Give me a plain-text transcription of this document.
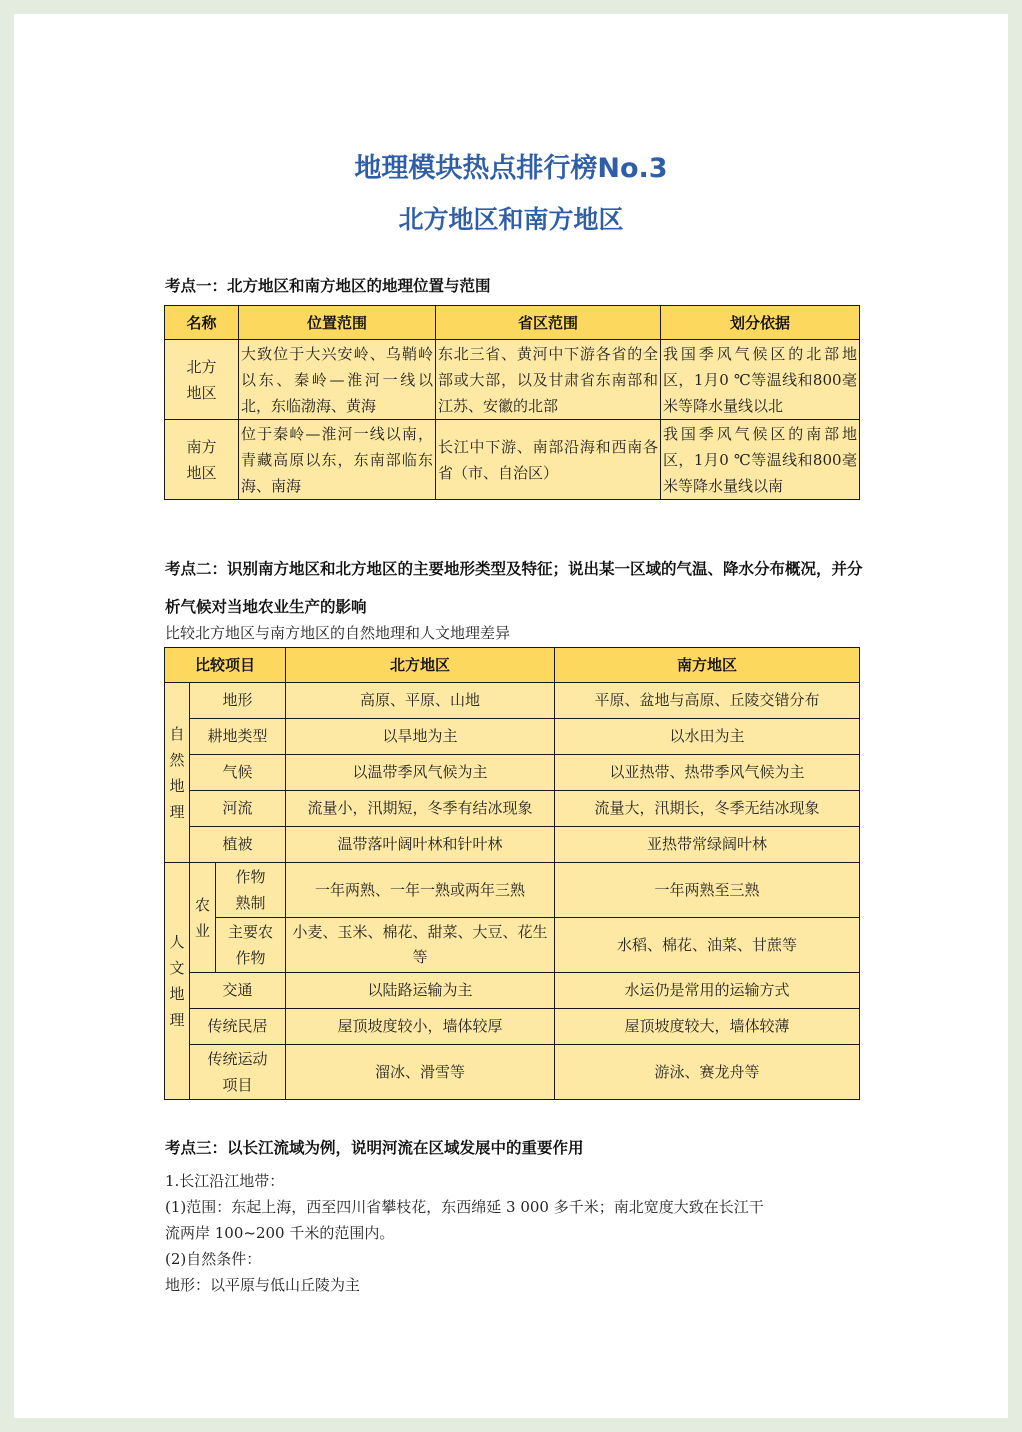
地理模块热点排行榜No.3
北方地区和南方地区
考点一：北方地区和南方地区的地理位置与范围
名称	位置范围	省区范围	划分依据

北方地区	大致位于大兴安岭、乌鞘岭以东、秦岭—淮河一线以北，东临渤海、黄海	东北三省、黄河中下游各省的全部或大部，以及甘肃省东南部和江苏、安徽的北部	我国季风气候区的北部地区，1月0 ℃等温线和800毫米等降水量线以北

南方地区	位于秦岭—淮河一线以南，青藏高原以东，东南部临东海、南海	长江中下游、南部沿海和西南各省（市、自治区）	我国季风气候区的南部地区，1月0 ℃等温线和800毫米等降水量线以南
考点二：识别南方地区和北方地区的主要地形类型及特征；说出某一区域的气温、降水分布概况，并分析气候对当地农业生产的影响
比较北方地区与南方地区的自然地理和人文地理差异
比较项目			北方地区	南方地区

自然地理	地形		高原、平原、山地	平原、盆地与高原、丘陵交错分布
	耕地类型		以旱地为主	以水田为主
	气候		以温带季风气候为主	以亚热带、热带季风气候为主
	河流		流量小，汛期短，冬季有结冰现象	流量大，汛期长，冬季无结冰现象
	植被		温带落叶阔叶林和针叶林	亚热带常绿阔叶林

人文地理	农业	作物熟制	一年两熟、一年一熟或两年三熟	一年两熟至三熟

		主要农作物	小麦、玉米、棉花、甜菜、大豆、花生等	水稻、棉花、油菜、甘蔗等
	交通		以陆路运输为主	水运仍是常用的运输方式
	传统民居		屋顶坡度较小，墙体较厚	屋顶坡度较大，墙体较薄

	传统运动项目		溜冰、滑雪等	游泳、赛龙舟等
考点三：以长江流域为例，说明河流在区域发展中的重要作用
1.长江沿江地带：
(1)范围：东起上海，西至四川省攀枝花，东西绵延 3 000 多千米；南北宽度大致在长江干
流两岸 100~200 千米的范围内。
(2)自然条件：
地形：以平原与低山丘陵为主
